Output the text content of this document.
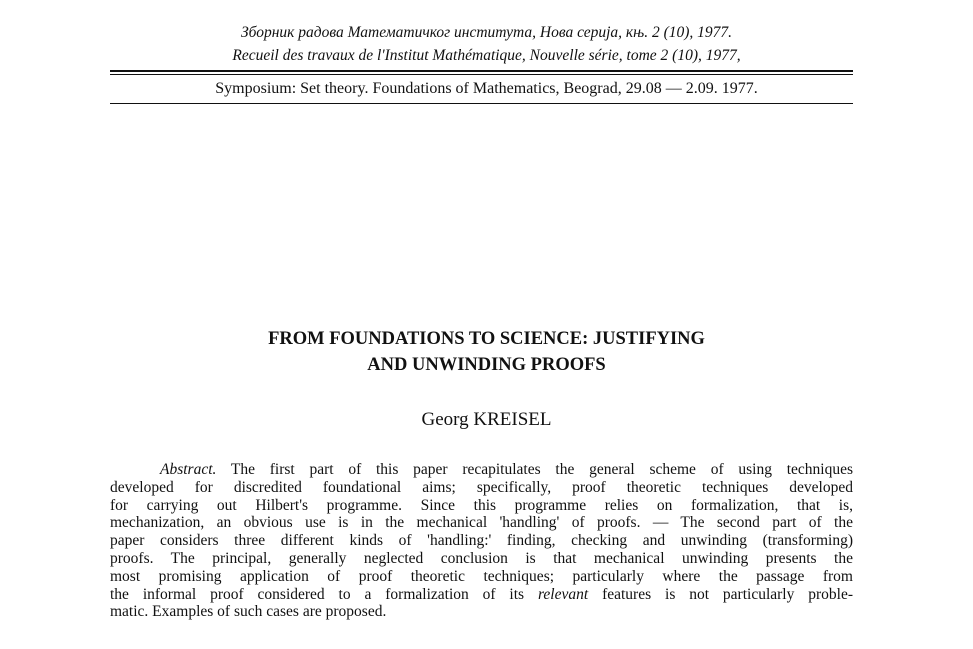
Зборник радова Математичког института, Нова серија, књ. 2 (10), 1977.
Recueil des travaux de l'Institut Mathématique, Nouvelle série, tome 2 (10), 1977,
Symposium: Set theory. Foundations of Mathematics, Beograd, 29.08 — 2.09. 1977.
FROM FOUNDATIONS TO SCIENCE: JUSTIFYING
AND UNWINDING PROOFS
Georg KREISEL
Abstract. The first part of this paper recapitulates the general scheme of using techniques
developed for discredited foundational aims; specifically, proof theoretic techniques developed
for carrying out Hilbert's programme. Since this programme relies on formalization, that is,
mechanization, an obvious use is in the mechanical 'handling' of proofs. — The second part of the
paper considers three different kinds of 'handling:' finding, checking and unwinding (transforming)
proofs. The principal, generally neglected conclusion is that mechanical unwinding presents the
most promising application of proof theoretic techniques; particularly where the passage from
the informal proof considered to a formalization of its relevant features is not particularly proble-
matic. Examples of such cases are proposed.
